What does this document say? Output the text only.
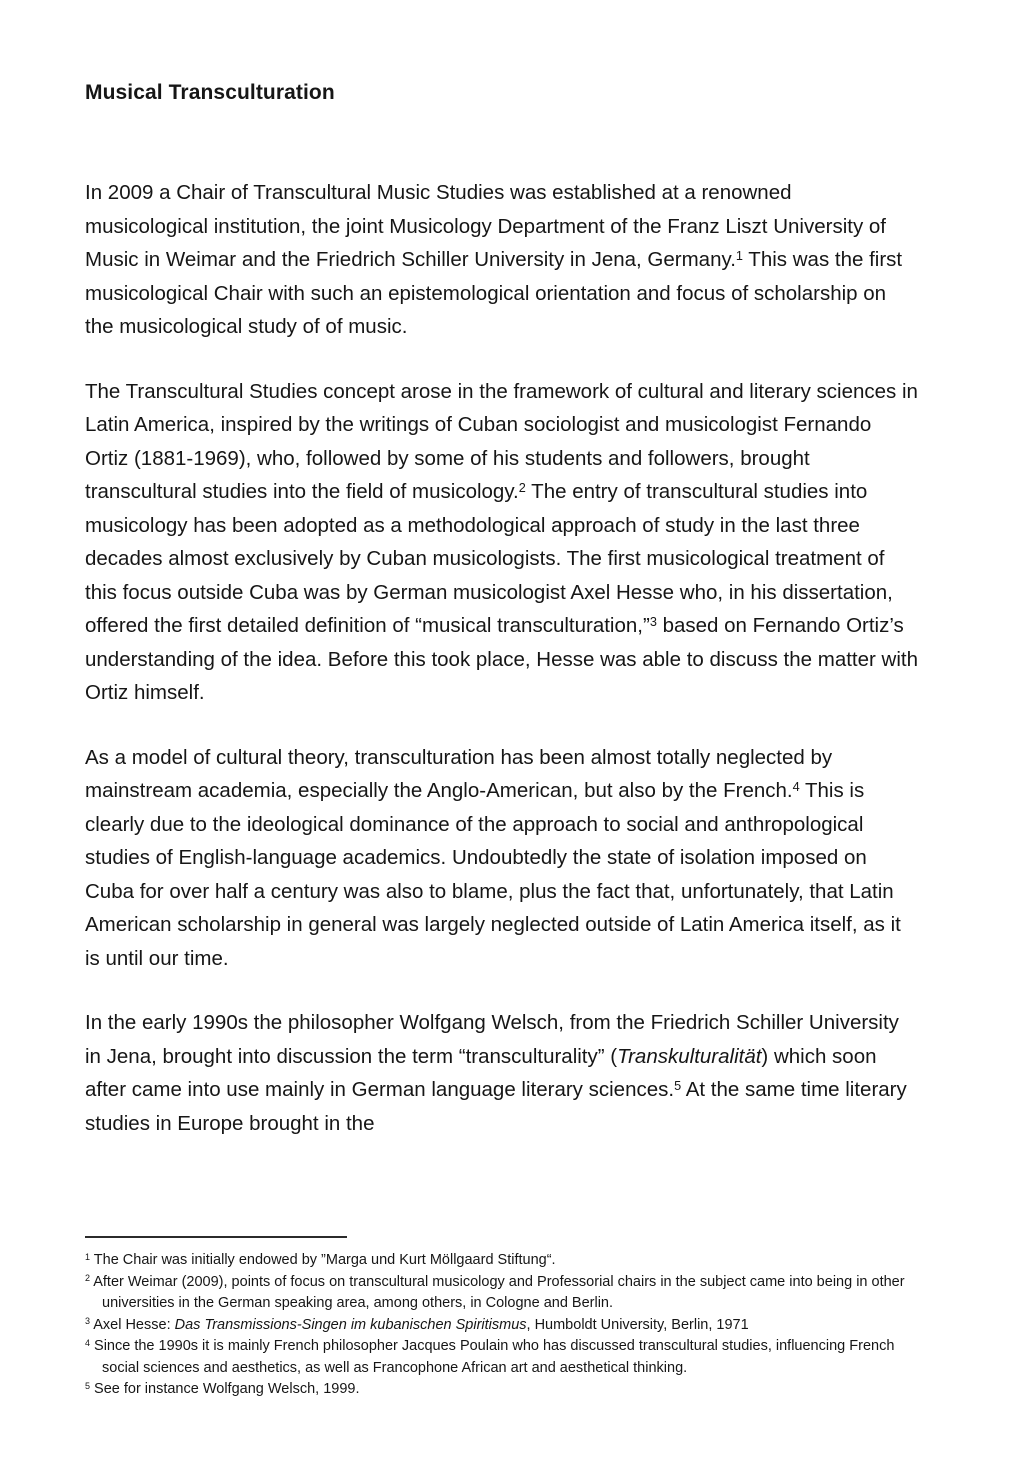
Musical Transculturation

In 2009 a Chair of Transcultural Music Studies was established at a renowned musicological institution, the joint Musicology Department of the Franz Liszt University of Music in Weimar and the Friedrich Schiller University in Jena, Germany.$^1$ This was the first musicological Chair with such an epistemological orientation and focus of scholarship on the musicological study of of music.

The Transcultural Studies concept arose in the framework of cultural and literary sciences in Latin America, inspired by the writings of Cuban sociologist and musicologist Fernando Ortiz (1881-1969), who, followed by some of his students and followers, brought transcultural studies into the field of musicology.$^2$ The entry of transcultural studies into musicology has been adopted as a methodological approach of study in the last three decades almost exclusively by Cuban musicologists. The first musicological treatment of this focus outside Cuba was by German musicologist Axel Hesse who, in his dissertation, offered the first detailed definition of “musical transculturation,”$^3$ based on Fernando Ortiz’s understanding of the idea. Before this took place, Hesse was able to discuss the matter with Ortiz himself.

As a model of cultural theory, transculturation has been almost totally neglected by mainstream academia, especially the Anglo-American, but also by the French.$^4$ This is clearly due to the ideological dominance of the approach to social and anthropological studies of English-language academics. Undoubtedly the state of isolation imposed on Cuba for over half a century was also to blame, plus the fact that, unfortunately, that Latin American scholarship in general was largely neglected outside of Latin America itself, as it is until our time.

In the early 1990s the philosopher Wolfgang Welsch, from the Friedrich Schiller University in Jena, brought into discussion the term “transculturality” (Transkulturalität) which soon after came into use mainly in German language literary sciences.$^5$ At the same time literary studies in Europe brought in the

$^1$ The Chair was initially endowed by ”Marga und Kurt Möllgaard Stiftung“.
$^2$ After Weimar (2009), points of focus on transcultural musicology and Professorial chairs in the subject came into being in other universities in the German speaking area, among others, in Cologne and Berlin.
$^3$ Axel Hesse: Das Transmissions-Singen im kubanischen Spiritismus, Humboldt University, Berlin, 1971
$^4$ Since the 1990s it is mainly French philosopher Jacques Poulain who has discussed transcultural studies, influencing French social sciences and aesthetics, as well as Francophone African art and aesthetical thinking.
$^5$ See for instance Wolfgang Welsch, 1999.
